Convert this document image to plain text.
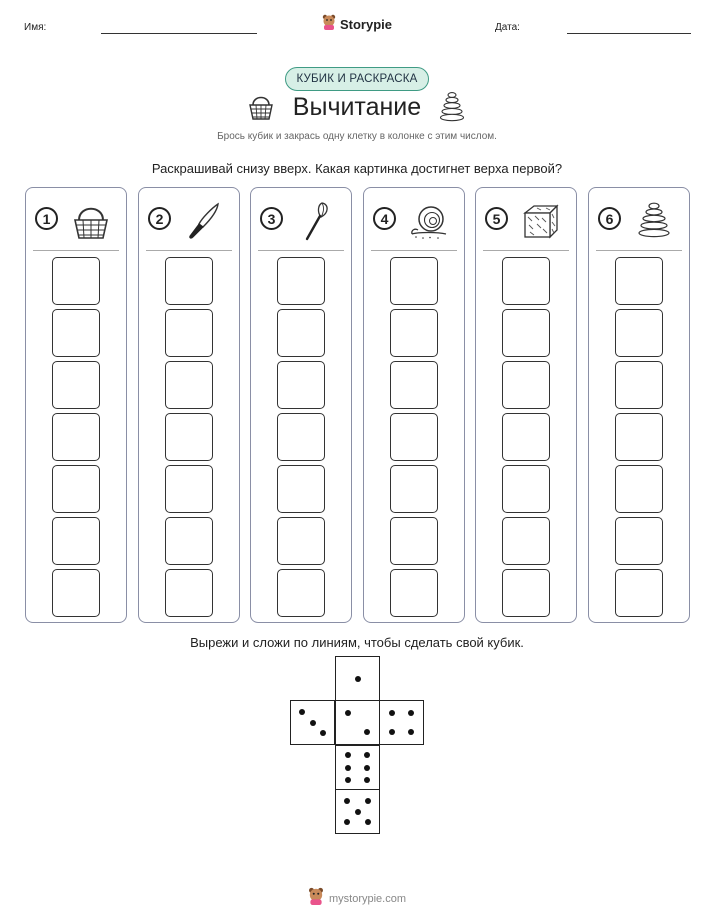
Имя:	Storypie	Дата:
КУБИК И РАСКРАСКА
Вычитание
Брось кубик и закрась одну клетку в колонке с этим числом.
Раскрашивай снизу вверх. Какая картинка достигнет верха первой?
1	2	3	4	5	6
Вырежи и сложи по линиям, чтобы сделать свой кубик.
mystorypie.com
